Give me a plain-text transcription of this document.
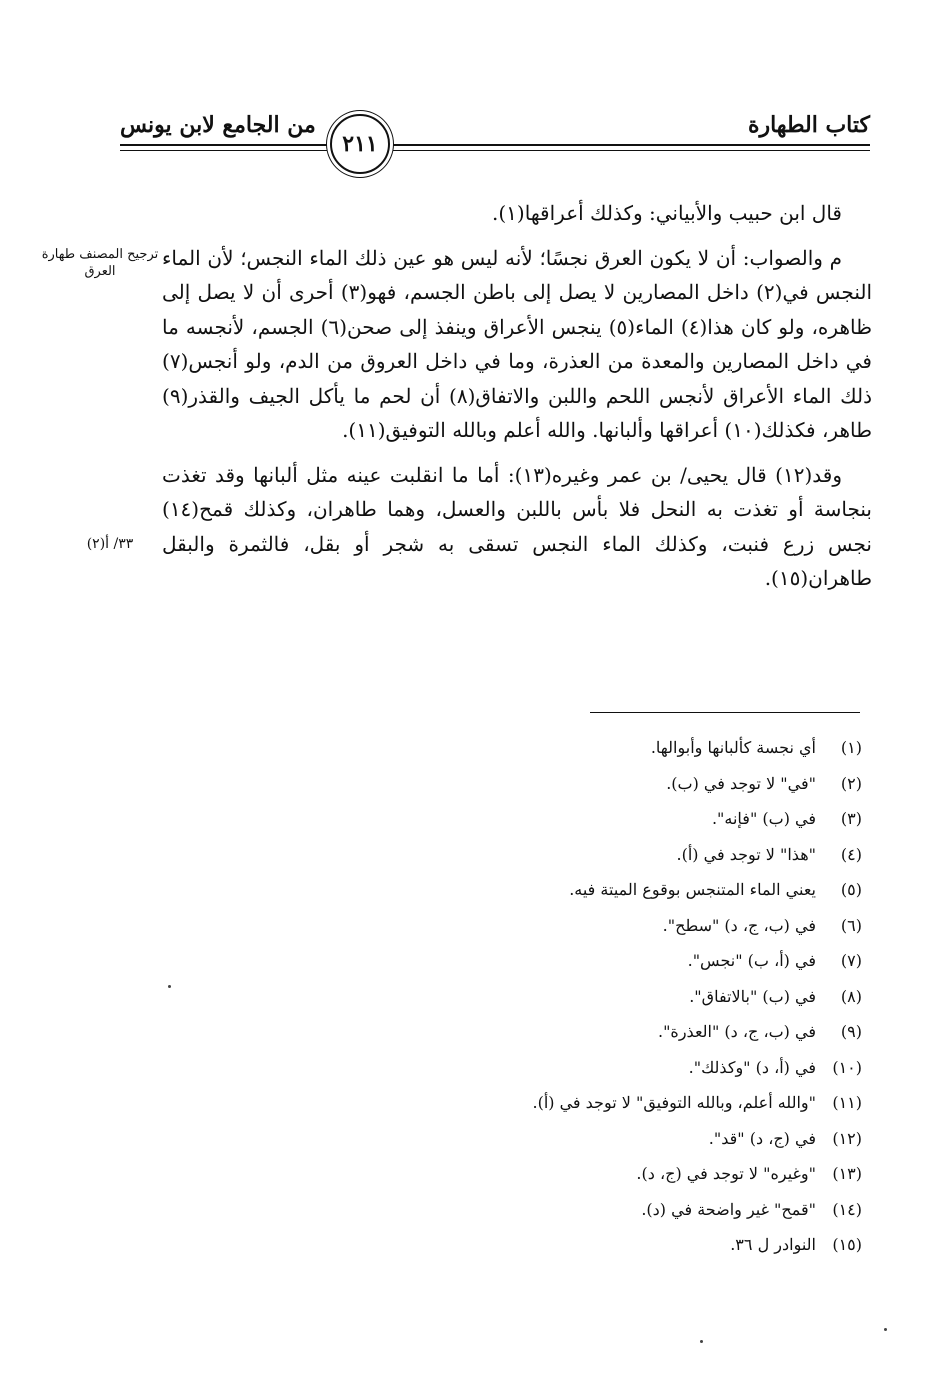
كتاب الطهارة
من الجامع لابن يونس
٢١١
ترجيح المصنف طهارة العرق
٣٣/ أ(٢)

قال ابن حبيب والأبياني: وكذلك أعراقها(١).

م والصواب: أن لا يكون العرق نجسًا؛ لأنه ليس هو عين ذلك الماء النجس؛ لأن الماء النجس في(٢) داخل المصارين لا يصل إلى باطن الجسم، فهو(٣) أحرى أن لا يصل إلى ظاهره، ولو كان هذا(٤) الماء(٥) ينجس الأعراق وينفذ إلى صحن(٦) الجسم، لأنجسه ما في داخل المصارين والمعدة من العذرة، وما في داخل العروق من الدم، ولو أنجس(٧) ذلك الماء الأعراق لأنجس اللحم واللبن والاتفاق(٨) أن لحم ما يأكل الجيف والقذر(٩) طاهر، فكذلك(١٠) أعراقها وألبانها. والله أعلم وبالله التوفيق(١١).

وقد(١٢) قال يحيى/ بن عمر وغيره(١٣): أما ما انقلبت عينه مثل ألبانها وقد تغذت بنجاسة أو تغذت به النحل فلا بأس باللبن والعسل، وهما طاهران، وكذلك قمح(١٤) نجس زرع فنبت، وكذلك الماء النجس تسقى به شجر أو بقل، فالثمرة والبقل طاهران(١٥).

(١)أي نجسة كألبانها وأبوالها.
(٢)"في" لا توجد في (ب).
(٣)في (ب) "فإنه".
(٤)"هذا" لا توجد في (أ).
(٥)يعني الماء المتنجس بوقوع الميتة فيه.
(٦)في (ب، ج، د) "سطح".
(٧)في (أ، ب) "نجس".
(٨)في (ب) "بالاتفاق".
(٩)في (ب، ج، د) "العذرة".
(١٠)في (أ، د) "وكذلك".
(١١)"والله أعلم، وبالله التوفيق" لا توجد في (أ).
(١٢)في (ج، د) "قد".
(١٣)"وغيره" لا توجد في (ج، د).
(١٤)"قمح" غير واضحة في (د).
(١٥)النوادر ل ٣٦.
